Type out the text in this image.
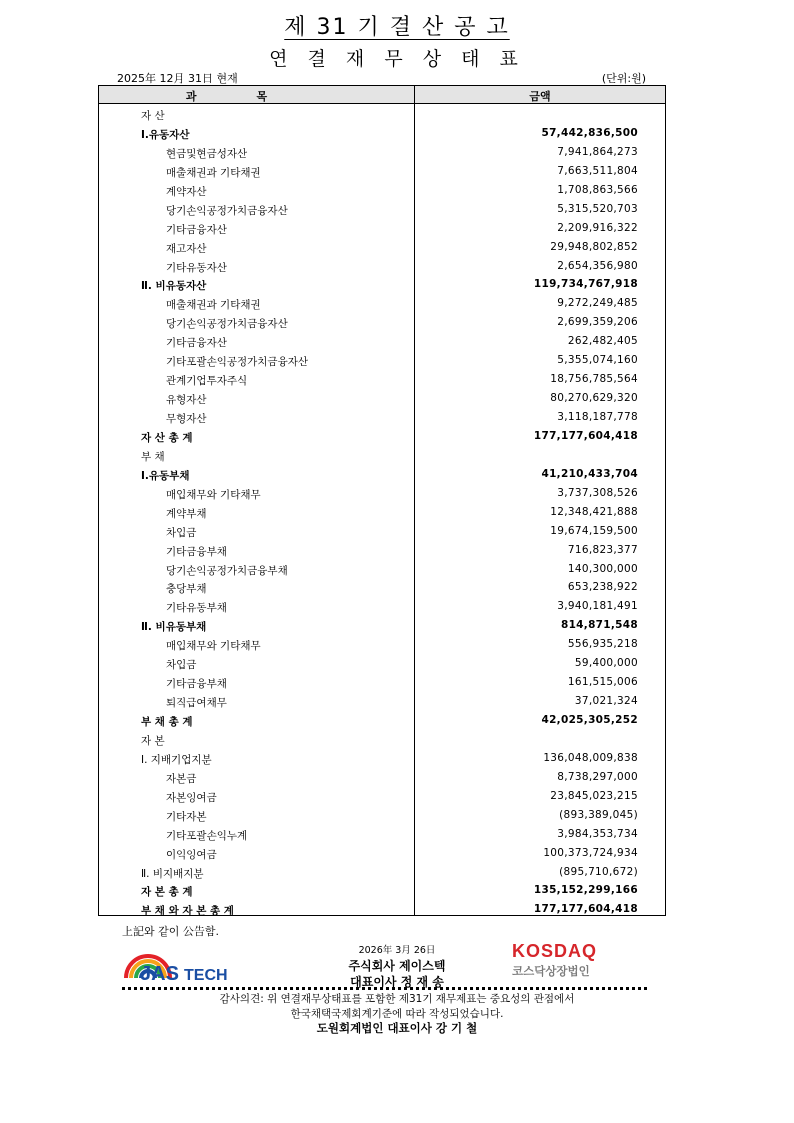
제 31 기 결 산 공 고
연 결 재 무 상 태 표
2025年 12月 31日 현재	(단위:원)
과목	금액
자 산
Ⅰ.유동자산	57,442,836,500
현금및현금성자산	7,941,864,273
매출채권과 기타채권	7,663,511,804
계약자산	1,708,863,566
당기손익공정가치금융자산	5,315,520,703
기타금융자산	2,209,916,322
재고자산	29,948,802,852
기타유동자산	2,654,356,980
Ⅱ. 비유동자산	119,734,767,918
매출채권과 기타채권	9,272,249,485
당기손익공정가치금융자산	2,699,359,206
기타금융자산	262,482,405
기타포괄손익공정가치금융자산	5,355,074,160
관계기업투자주식	18,756,785,564
유형자산	80,270,629,320
무형자산	3,118,187,778
자 산 총 계	177,177,604,418
부 채
Ⅰ.유동부채	41,210,433,704
매입채무와 기타채무	3,737,308,526
계약부채	12,348,421,888
차입금	19,674,159,500
기타금융부채	716,823,377
당기손익공정가치금융부채	140,300,000
충당부채	653,238,922
기타유동부채	3,940,181,491
Ⅱ. 비유동부채	814,871,548
매입채무와 기타채무	556,935,218
차입금	59,400,000
기타금융부채	161,515,006
퇴직급여채무	37,021,324
부 채 총 계	42,025,305,252
자 본
Ⅰ. 지배기업지분	136,048,009,838
자본금	8,738,297,000
자본잉여금	23,845,023,215
기타자본	(893,389,045)
기타포괄손익누계	3,984,353,734
이익잉여금	100,373,724,934
Ⅱ. 비지배지분	(895,710,672)
자 본 총 계	135,152,299,166
부 채 와 자 본 총 계	177,177,604,418
上記와 같이 公告함.
JAS TECH
2026年 3月 26日
주식회사 제이스텍
대표이사 정 재 송
KOSDAQ
코스닥상장법인
감사의견: 위 연결재무상태표를 포함한 제31기 재무제표는 중요성의 관점에서
한국채택국제회계기준에 따라 작성되었습니다.
도원회계법인 대표이사 강 기 철
